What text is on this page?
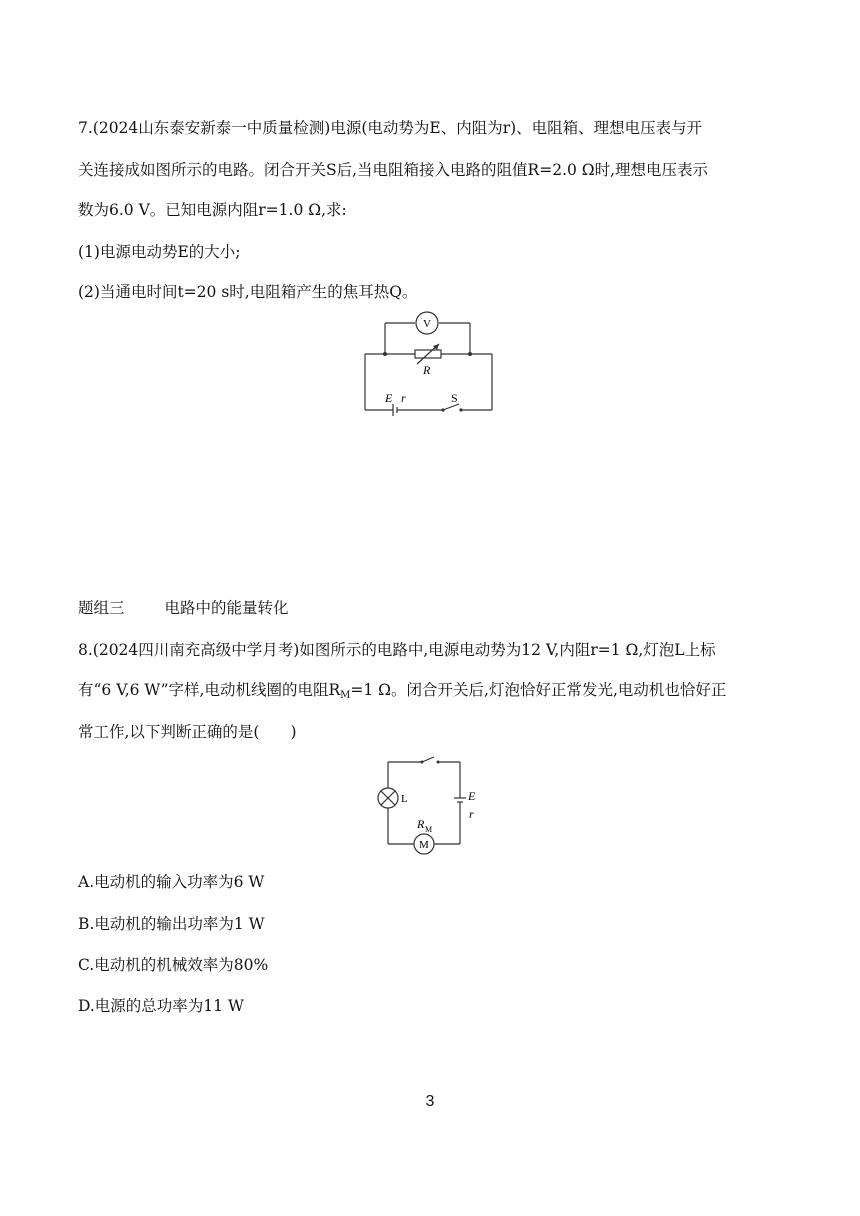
7.(2024山东泰安新泰一中质量检测)电源(电动势为E、内阻为r)、电阻箱、理想电压表与开
关连接成如图所示的电路。闭合开关S后,当电阻箱接入电路的阻值R=2.0 Ω时,理想电压表示
数为6.0 V。已知电源内阻r=1.0 Ω,求:
(1)电源电动势E的大小;
(2)当通电时间t=20 s时,电阻箱产生的焦耳热Q。
V
R
E r	S
题组三	电路中的能量转化
8.(2024四川南充高级中学月考)如图所示的电路中,电源电动势为12 V,内阻r=1 Ω,灯泡L上标
有“6 V,6 W”字样,电动机线圈的电阻$R_M=1$ Ω。闭合开关后,灯泡恰好正常发光,电动机也恰好正
常工作,以下判断正确的是(　　)
L	E
r
R M
M
A.电动机的输入功率为6 W
B.电动机的输出功率为1 W
C.电动机的机械效率为80%
D.电源的总功率为11 W
3
